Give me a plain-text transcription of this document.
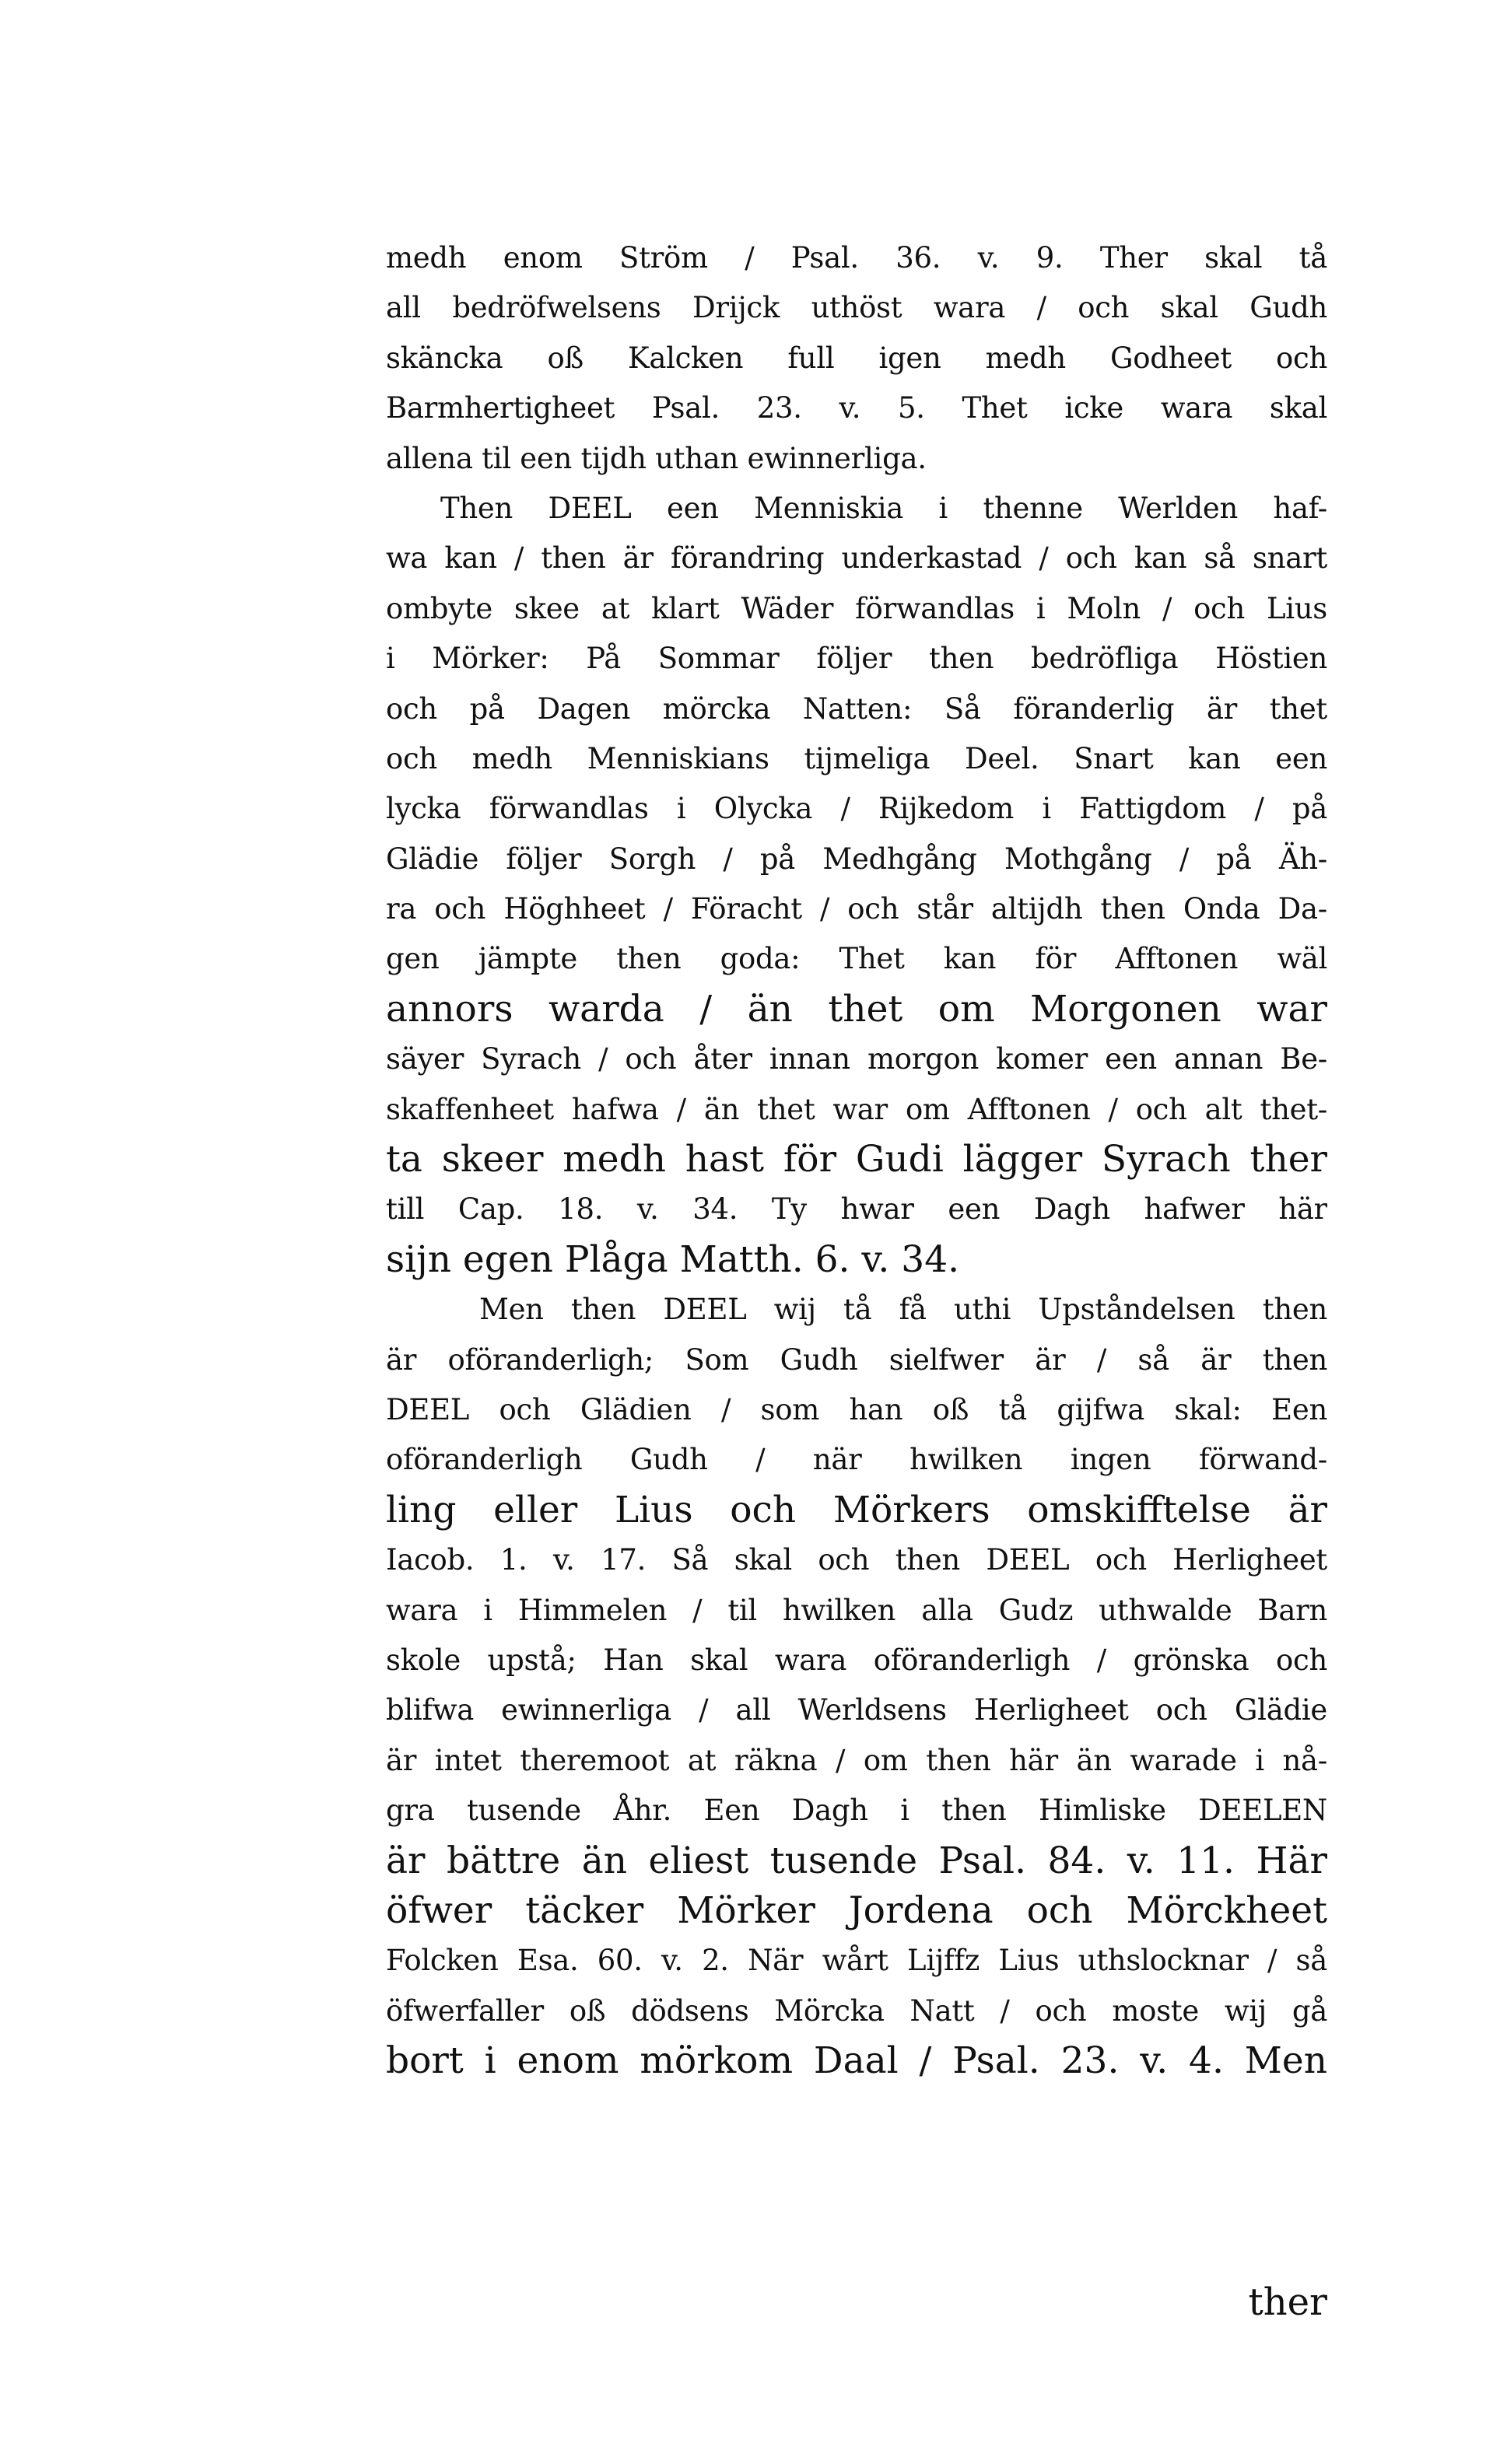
medh enom Ström / Psal. 36. v. 9. Ther skal tå
all bedröfwelsens Drijck uthöst wara / och skal Gudh
skäncka oß Kalcken full igen medh Godheet och
Barmhertigheet Psal. 23. v. 5. Thet icke wara skal
allena til een tijdh uthan ewinnerliga.
Then DEEL een Menniskia i thenne Werlden haf-
wa kan / then är förandring underkastad / och kan så snart
ombyte skee at klart Wäder förwandlas i Moln / och Lius
i Mörker: På Sommar följer then bedröfliga Höstien
och på Dagen mörcka Natten: Så föranderlig är thet
och medh Menniskians tijmeliga Deel. Snart kan een
lycka förwandlas i Olycka / Rijkedom i Fattigdom / på
Glädie följer Sorgh / på Medhgång Mothgång / på Äh-
ra och Höghheet / Föracht / och står altijdh then Onda Da-
gen jämpte then goda: Thet kan för Afftonen wäl
annors warda / än thet om Morgonen war
säyer Syrach / och åter innan morgon komer een annan Be-
skaffenheet hafwa / än thet war om Afftonen / och alt thet-
ta skeer medh hast för Gudi lägger Syrach ther
till Cap. 18. v. 34. Ty hwar een Dagh hafwer här
sijn egen Plåga Matth. 6. v. 34.
Men then DEEL wij tå få uthi Upståndelsen then
är oföranderligh; Som Gudh sielfwer är / så är then
DEEL och Glädien / som han oß tå gijfwa skal: Een
oföranderligh Gudh / när hwilken ingen förwand-
ling eller Lius och Mörkers omskifftelse är
Iacob. 1. v. 17. Så skal och then DEEL och Herligheet
wara i Himmelen / til hwilken alla Gudz uthwalde Barn
skole upstå; Han skal wara oföranderligh / grönska och
blifwa ewinnerliga / all Werldsens Herligheet och Glädie
är intet theremoot at räkna / om then här än warade i nå-
gra tusende Åhr. Een Dagh i then Himliske DEELEN
är bättre än eliest tusende Psal. 84. v. 11. Här
öfwer täcker Mörker Jordena och Mörckheet
Folcken Esa. 60. v. 2. När wårt Lijffz Lius uthslocknar / så
öfwerfaller oß dödsens Mörcka Natt / och moste wij gå
bort i enom mörkom Daal / Psal. 23. v. 4. Men
ther
